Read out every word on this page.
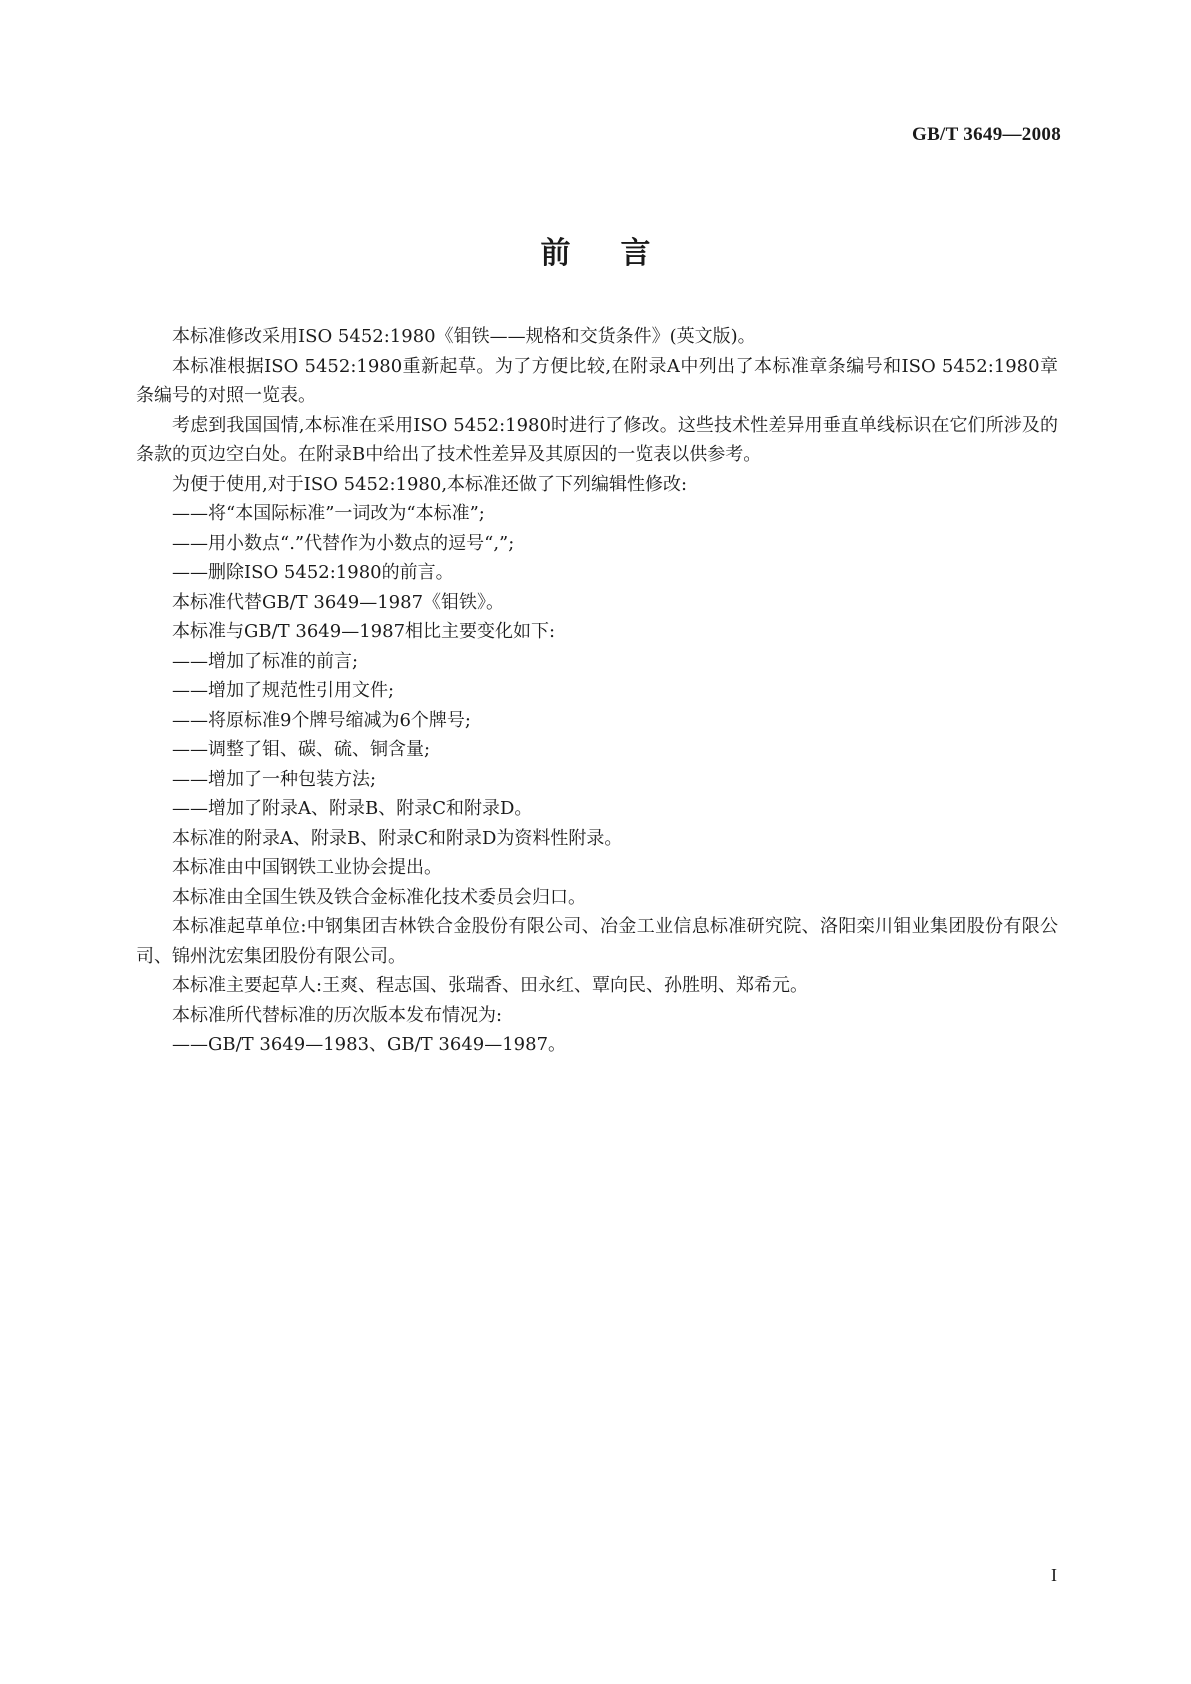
GB/T 3649—2008
前言

本标准修改采用ISO 5452:1980《钼铁——规格和交货条件》(英文版)。

本标准根据ISO 5452:1980重新起草。为了方便比较,在附录A中列出了本标准章条编号和ISO 5452:1980章条编号的对照一览表。

考虑到我国国情,本标准在采用ISO 5452:1980时进行了修改。这些技术性差异用垂直单线标识在它们所涉及的条款的页边空白处。在附录B中给出了技术性差异及其原因的一览表以供参考。

为便于使用,对于ISO 5452:1980,本标准还做了下列编辑性修改:

——将“本国际标准”一词改为“本标准”;

——用小数点“.”代替作为小数点的逗号“,”;

——删除ISO 5452:1980的前言。

本标准代替GB/T 3649—1987《钼铁》。

本标准与GB/T 3649—1987相比主要变化如下:

——增加了标准的前言;

——增加了规范性引用文件;

——将原标准9个牌号缩减为6个牌号;

——调整了钼、碳、硫、铜含量;

——增加了一种包装方法;

——增加了附录A、附录B、附录C和附录D。

本标准的附录A、附录B、附录C和附录D为资料性附录。

本标准由中国钢铁工业协会提出。

本标准由全国生铁及铁合金标准化技术委员会归口。

本标准起草单位:中钢集团吉林铁合金股份有限公司、冶金工业信息标准研究院、洛阳栾川钼业集团股份有限公司、锦州沈宏集团股份有限公司。

本标准主要起草人:王爽、程志国、张瑞香、田永红、覃向民、孙胜明、郑希元。

本标准所代替标准的历次版本发布情况为:

——GB/T 3649—1983、GB/T 3649—1987。

I
